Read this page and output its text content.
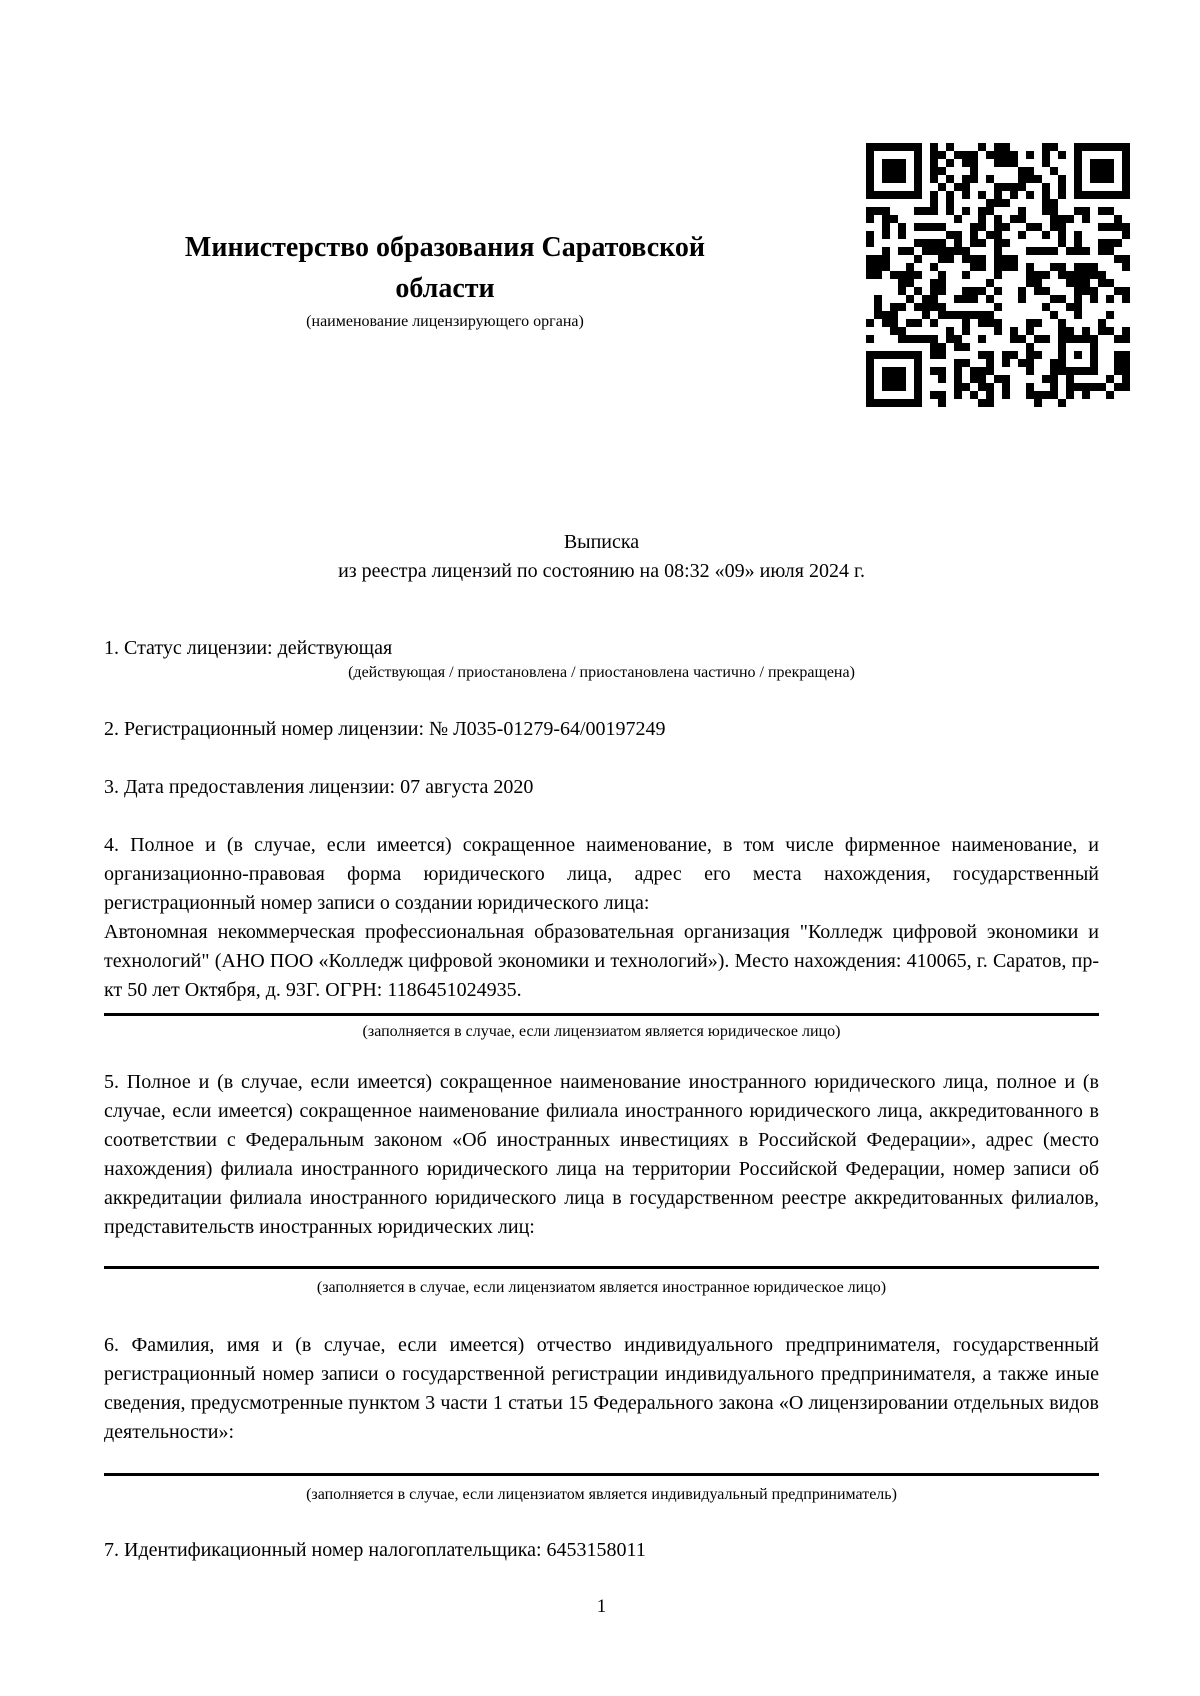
Министерство образования Саратовской области
(наименование лицензирующего органа)
Выписка
из реестра лицензий по состоянию на 08:32 «09» июля 2024 г.
1. Статус лицензии: действующая
(действующая / приостановлена / приостановлена частично / прекращена)
2. Регистрационный номер лицензии: № Л035-01279-64/00197249
3. Дата предоставления лицензии: 07 августа 2020
4. Полное и (в случае, если имеется) сокращенное наименование, в том числе фирменное наименование, и организационно-правовая форма юридического лица, адрес его места нахождения, государственный регистрационный номер записи о создании юридического лица:
Автономная некоммерческая профессиональная образовательная организация "Колледж цифровой экономики и технологий" (АНО ПОО «Колледж цифровой экономики и технологий»). Место нахождения: 410065, г. Саратов, пр-кт 50 лет Октября, д. 93Г. ОГРН: 1186451024935.
(заполняется в случае, если лицензиатом является юридическое лицо)
5. Полное и (в случае, если имеется) сокращенное наименование иностранного юридического лица, полное и (в случае, если имеется) сокращенное наименование филиала иностранного юридического лица, аккредитованного в соответствии с Федеральным законом «Об иностранных инвестициях в Российской Федерации», адрес (место нахождения) филиала иностранного юридического лица на территории Российской Федерации, номер записи об аккредитации филиала иностранного юридического лица в государственном реестре аккредитованных филиалов, представительств иностранных юридических лиц:
(заполняется в случае, если лицензиатом является иностранное юридическое лицо)
6. Фамилия, имя и (в случае, если имеется) отчество индивидуального предпринимателя, государственный регистрационный номер записи о государственной регистрации индивидуального предпринимателя, а также иные сведения, предусмотренные пунктом 3 части 1 статьи 15 Федерального закона «О лицензировании отдельных видов деятельности»:
(заполняется в случае, если лицензиатом является индивидуальный предприниматель)
7. Идентификационный номер налогоплательщика: 6453158011
1
